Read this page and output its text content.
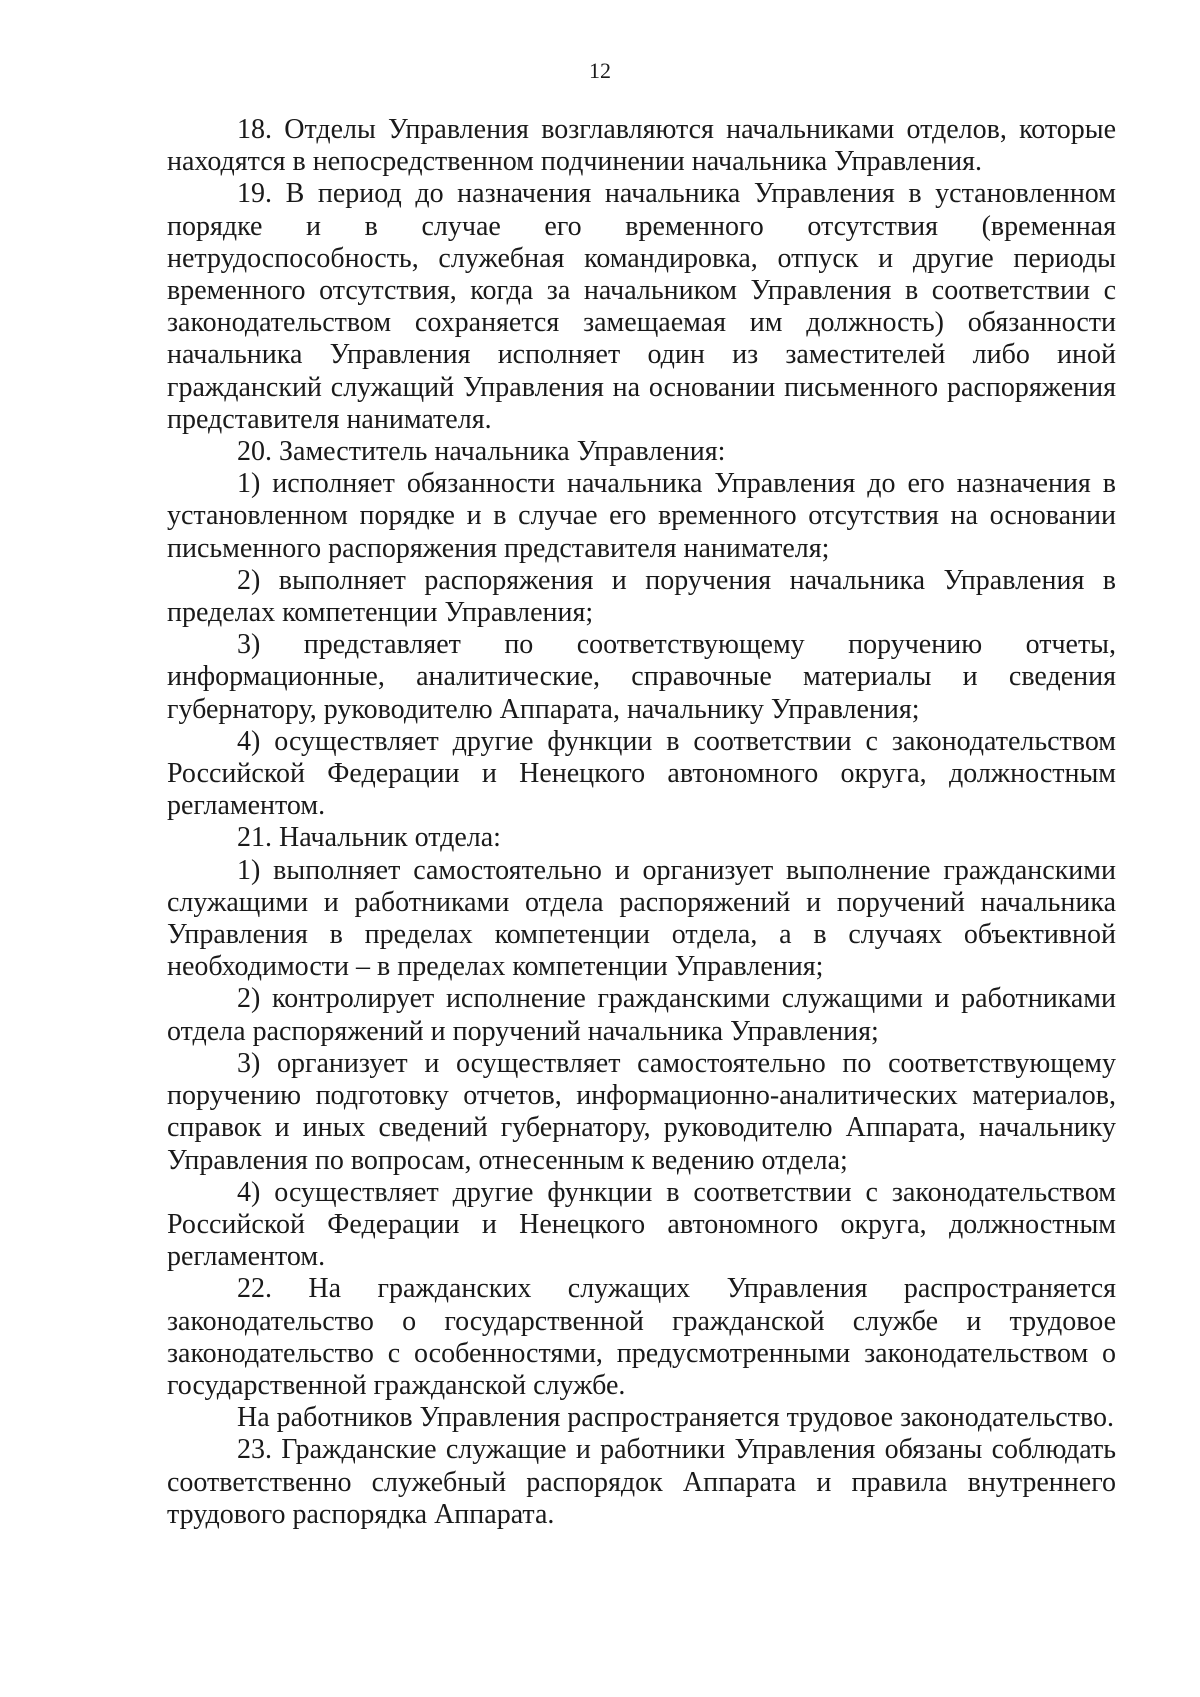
12

18. Отделы Управления возглавляются начальниками отделов, которые находятся в непосредственном подчинении начальника Управления.

19. В период до назначения начальника Управления в установленном порядке и в случае его временного отсутствия (временная нетрудоспособность, служебная командировка, отпуск и другие периоды временного отсутствия, когда за начальником Управления в соответствии с законодательством сохраняется замещаемая им должность) обязанности начальника Управления исполняет один из заместителей либо иной гражданский служащий Управления на основании письменного распоряжения представителя нанимателя.

20. Заместитель начальника Управления:

1) исполняет обязанности начальника Управления до его назначения в установленном порядке и в случае его временного отсутствия на основании письменного распоряжения представителя нанимателя;

2) выполняет распоряжения и поручения начальника Управления в пределах компетенции Управления;

3) представляет по соответствующему поручению отчеты, информационные, аналитические, справочные материалы и сведения губернатору, руководителю Аппарата, начальнику Управления;

4) осуществляет другие функции в соответствии с законодательством Российской Федерации и Ненецкого автономного округа, должностным регламентом.

21. Начальник отдела:

1) выполняет самостоятельно и организует выполнение гражданскими служащими и работниками отдела распоряжений и поручений начальника Управления в пределах компетенции отдела, а в случаях объективной необходимости – в пределах компетенции Управления;

2) контролирует исполнение гражданскими служащими и работниками отдела распоряжений и поручений начальника Управления;

3) организует и осуществляет самостоятельно по соответствующему поручению подготовку отчетов, информационно-аналитических материалов, справок и иных сведений губернатору, руководителю Аппарата, начальнику Управления по вопросам, отнесенным к ведению отдела;

4) осуществляет другие функции в соответствии с законодательством Российской Федерации и Ненецкого автономного округа, должностным регламентом.

22. На гражданских служащих Управления распространяется законодательство о государственной гражданской службе и трудовое законодательство с особенностями, предусмотренными законодательством о государственной гражданской службе.

На работников Управления распространяется трудовое законодательство.

23. Гражданские служащие и работники Управления обязаны соблюдать соответственно служебный распорядок Аппарата и правила внутреннего трудового распорядка Аппарата.
